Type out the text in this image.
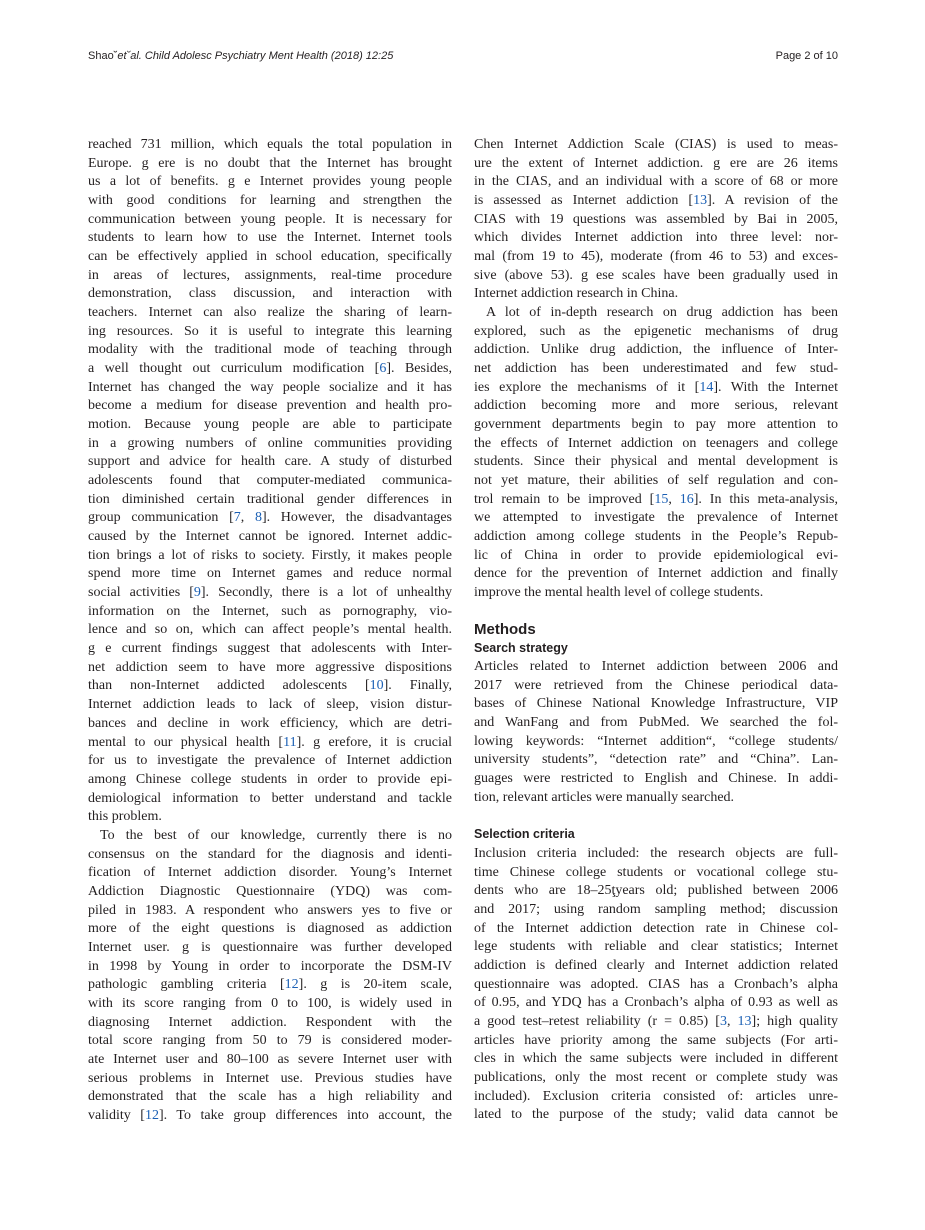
Shao˘et˘al. Child Adolesc Psychiatry Ment Health (2018) 12:25	Page 2 of 10
reached 731 million, which equals the total population in
Europe. g ere is no doubt that the Internet has brought
us a lot of benefits. g e Internet provides young people
with good conditions for learning and strengthen the
communication between young people. It is necessary for
students to learn how to use the Internet. Internet tools
can be effectively applied in school education, specifically
in areas of lectures, assignments, real-time procedure
demonstration, class discussion, and interaction with
teachers. Internet can also realize the sharing of learn-
ing resources. So it is useful to integrate this learning
modality with the traditional mode of teaching through
a well thought out curriculum modification [6]. Besides,
Internet has changed the way people socialize and it has
become a medium for disease prevention and health pro-
motion. Because young people are able to participate
in a growing numbers of online communities providing
support and advice for health care. A study of disturbed
adolescents found that computer-mediated communica-
tion diminished certain traditional gender differences in
group communication [7, 8]. However, the disadvantages
caused by the Internet cannot be ignored. Internet addic-
tion brings a lot of risks to society. Firstly, it makes people
spend more time on Internet games and reduce normal
social activities [9]. Secondly, there is a lot of unhealthy
information on the Internet, such as pornography, vio-
lence and so on, which can affect people’s mental health.
g e current findings suggest that adolescents with Inter-
net addiction seem to have more aggressive dispositions
than non-Internet addicted adolescents [10]. Finally,
Internet addiction leads to lack of sleep, vision distur-
bances and decline in work efficiency, which are detri-
mental to our physical health [11]. g erefore, it is crucial
for us to investigate the prevalence of Internet addiction
among Chinese college students in order to provide epi-
demiological information to better understand and tackle
this problem.
To the best of our knowledge, currently there is no
consensus on the standard for the diagnosis and identi-
fication of Internet addiction disorder. Young’s Internet
Addiction Diagnostic Questionnaire (YDQ) was com-
piled in 1983. A respondent who answers yes to five or
more of the eight questions is diagnosed as addiction
Internet user. g is questionnaire was further developed
in 1998 by Young in order to incorporate the DSM-IV
pathologic gambling criteria [12]. g is 20-item scale,
with its score ranging from 0 to 100, is widely used in
diagnosing Internet addiction. Respondent with the
total score ranging from 50 to 79 is considered moder-
ate Internet user and 80–100 as severe Internet user with
serious problems in Internet use. Previous studies have
demonstrated that the scale has a high reliability and
validity [12]. To take group differences into account, the
Chen Internet Addiction Scale (CIAS) is used to meas-
ure the extent of Internet addiction. g ere are 26 items
in the CIAS, and an individual with a score of 68 or more
is assessed as Internet addiction [13]. A revision of the
CIAS with 19 questions was assembled by Bai in 2005,
which divides Internet addiction into three level: nor-
mal (from 19 to 45), moderate (from 46 to 53) and exces-
sive (above 53). g ese scales have been gradually used in
Internet addiction research in China.
A lot of in-depth research on drug addiction has been
explored, such as the epigenetic mechanisms of drug
addiction. Unlike drug addiction, the influence of Inter-
net addiction has been underestimated and few stud-
ies explore the mechanisms of it [14]. With the Internet
addiction becoming more and more serious, relevant
government departments begin to pay more attention to
the effects of Internet addiction on teenagers and college
students. Since their physical and mental development is
not yet mature, their abilities of self regulation and con-
trol remain to be improved [15, 16]. In this meta-analysis,
we attempted to investigate the prevalence of Internet
addiction among college students in the People’s Repub-
lic of China in order to provide epidemiological evi-
dence for the prevention of Internet addiction and finally
improve the mental health level of college students.
Methods
Search strategy
Articles related to Internet addiction between 2006 and
2017 were retrieved from the Chinese periodical data-
bases of Chinese National Knowledge Infrastructure, VIP
and WanFang and from PubMed. We searched the fol-
lowing keywords: “Internet addition“, “college students/
university students”, “detection rate” and “China”. Lan-
guages were restricted to English and Chinese. In addi-
tion, relevant articles were manually searched.
Selection criteria
Inclusion criteria included: the research objects are full-
time Chinese college students or vocational college stu-
dents who are 18–25ţyears old; published between 2006
and 2017; using random sampling method; discussion
of the Internet addiction detection rate in Chinese col-
lege students with reliable and clear statistics; Internet
addiction is defined clearly and Internet addiction related
questionnaire was adopted. CIAS has a Cronbach’s alpha
of 0.95, and YDQ has a Cronbach’s alpha of 0.93 as well as
a good test–retest reliability (r = 0.85) [3, 13]; high quality
articles have priority among the same subjects (For arti-
cles in which the same subjects were included in different
publications, only the most recent or complete study was
included). Exclusion criteria consisted of: articles unre-
lated to the purpose of the study; valid data cannot be
